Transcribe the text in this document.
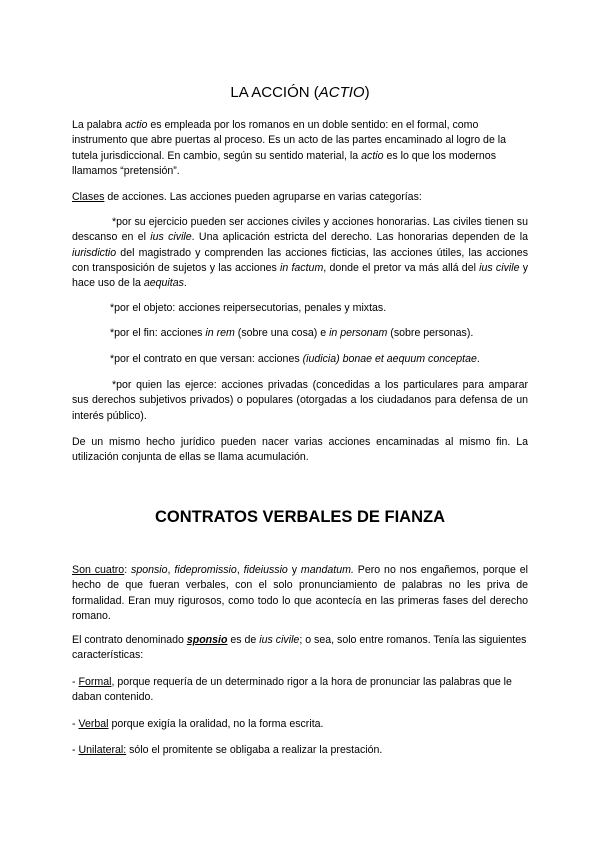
LA ACCIÓN (ACTIO)

La palabra actio es empleada por los romanos en un doble sentido: en el formal, como instrumento que abre puertas al proceso. Es un acto de las partes encaminado al logro de la tutela jurisdiccional. En cambio, según su sentido material, la actio es lo que los modernos llamamos “pretensión”.

Clases de acciones. Las acciones pueden agruparse en varias categorías:

*por su ejercicio pueden ser acciones civiles y acciones honorarias. Las civiles tienen su descanso en el ius civile. Una aplicación estricta del derecho. Las honorarias dependen de la iurisdictio del magistrado y comprenden las acciones ficticias, las acciones útiles, las acciones con transposición de sujetos y las acciones in factum, donde el pretor va más allá del ius civile y hace uso de la aequitas.

*por el objeto: acciones reipersecutorias, penales y mixtas.

*por el fin: acciones in rem (sobre una cosa) e in personam (sobre personas).

*por el contrato en que versan: acciones (iudicia) bonae et aequum conceptae.

*por quien las ejerce: acciones privadas (concedidas a los particulares para amparar sus derechos subjetivos privados) o populares (otorgadas a los ciudadanos para defensa de un interés público).

De un mismo hecho jurídico pueden nacer varias acciones encaminadas al mismo fin. La utilización conjunta de ellas se llama acumulación.

CONTRATOS VERBALES DE FIANZA

Son cuatro: sponsio, fidepromissio, fideiussio y mandatum. Pero no nos engañemos, porque el hecho de que fueran verbales, con el solo pronunciamiento de palabras no les priva de formalidad. Eran muy rigurosos, como todo lo que acontecía en las primeras fases del derecho romano.

El contrato denominado sponsio es de ius civile; o sea, solo entre romanos. Tenía las siguientes características:

- Formal, porque requería de un determinado rigor a la hora de pronunciar las palabras que le daban contenido.

- Verbal porque exigía la oralidad, no la forma escrita.

- Unilateral: sólo el promitente se obligaba a realizar la prestación.
